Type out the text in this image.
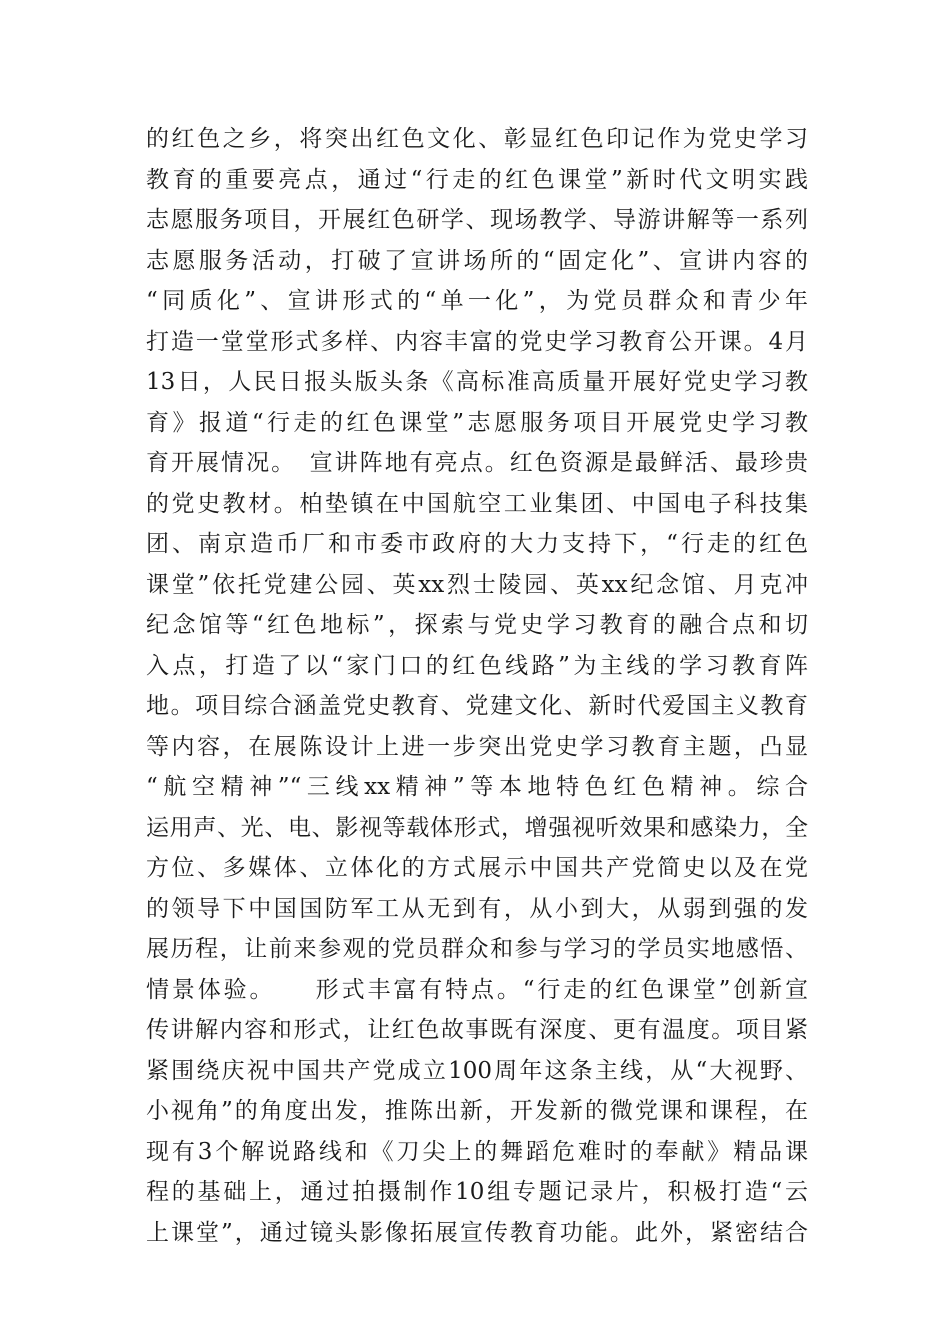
的红色之乡，将突出红色文化、彰显红色印记作为党史学习
教育的重要亮点，通过“行走的红色课堂”新时代文明实践
志愿服务项目，开展红色研学、现场教学、导游讲解等一系列
志愿服务活动，打破了宣讲场所的“固定化”、宣讲内容的
“同质化”、宣讲形式的“单一化”，为党员群众和青少年
打造一堂堂形式多样、内容丰富的党史学习教育公开课。4月
13日，人民日报头版头条《高标准高质量开展好党史学习教
育》报道“行走的红色课堂”志愿服务项目开展党史学习教
育开展情况。　宣讲阵地有亮点。红色资源是最鲜活、最珍贵
的党史教材。柏垫镇在中国航空工业集团、中国电子科技集
团、南京造币厂和市委市政府的大力支持下，“行走的红色
课堂”依托党建公园、英xx烈士陵园、英xx纪念馆、月克冲
纪念馆等“红色地标”，探索与党史学习教育的融合点和切
入点，打造了以“家门口的红色线路”为主线的学习教育阵
地。项目综合涵盖党史教育、党建文化、新时代爱国主义教育
等内容，在展陈设计上进一步突出党史学习教育主题，凸显
“航空精神”“三线xx精神”等本地特色红色精神。综合
运用声、光、电、影视等载体形式，增强视听效果和感染力，全
方位、多媒体、立体化的方式展示中国共产党简史以及在党
的领导下中国国防军工从无到有，从小到大，从弱到强的发
展历程，让前来参观的党员群众和参与学习的学员实地感悟、
情景体验。　　形式丰富有特点。“行走的红色课堂”创新宣
传讲解内容和形式，让红色故事既有深度、更有温度。项目紧
紧围绕庆祝中国共产党成立100周年这条主线，从“大视野、
小视角”的角度出发，推陈出新，开发新的微党课和课程，在
现有3个解说路线和《刀尖上的舞蹈危难时的奉献》精品课
程的基础上，通过拍摄制作10组专题记录片，积极打造“云
上课堂”，通过镜头影像拓展宣传教育功能。此外，紧密结合
